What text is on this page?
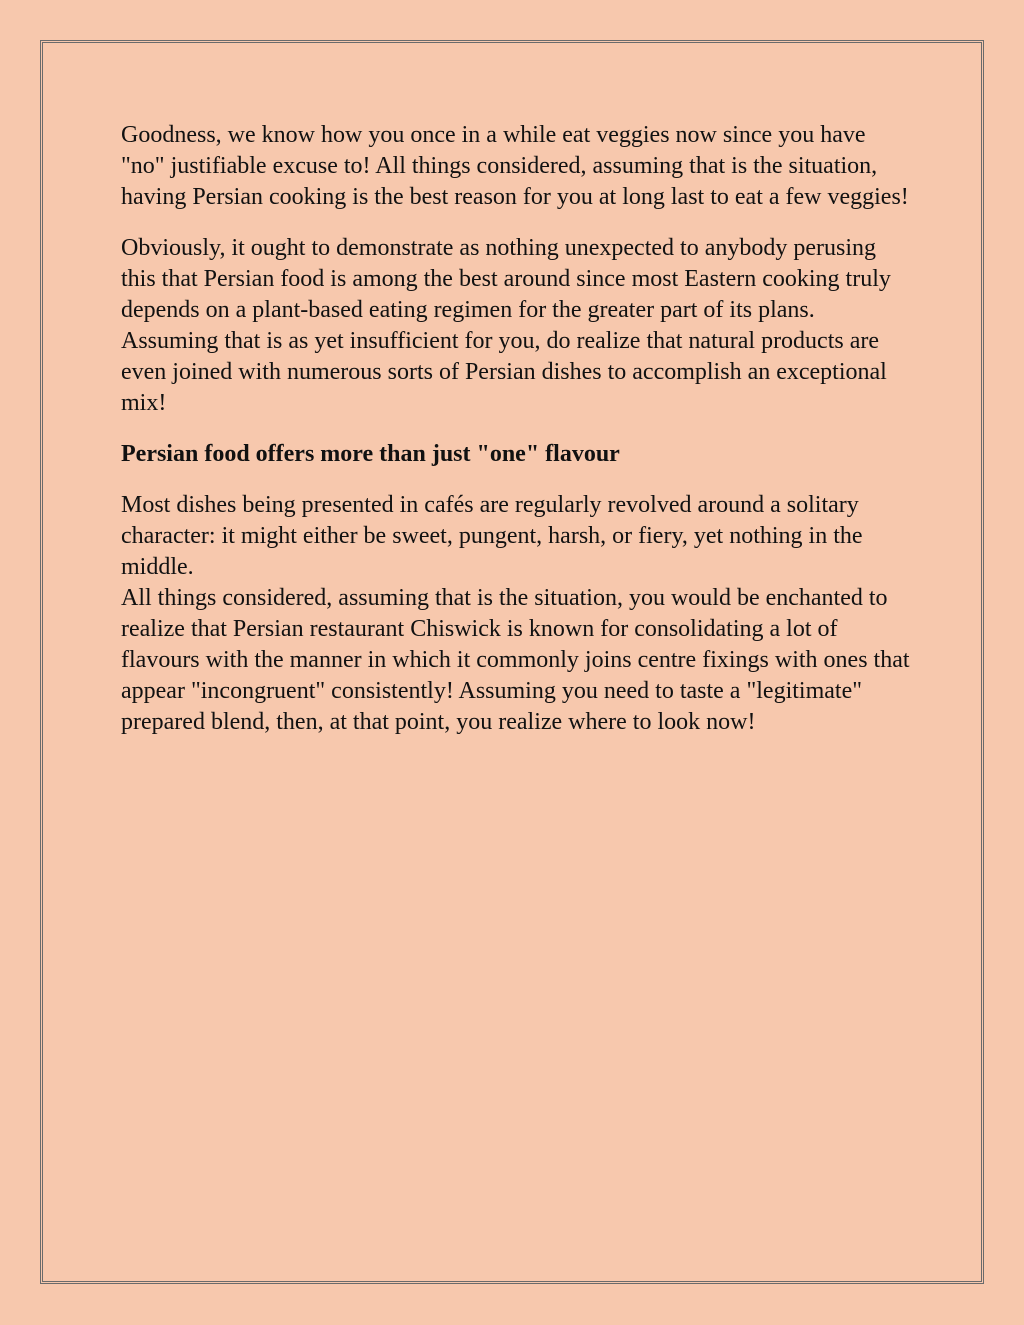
Goodness, we know how you once in a while eat veggies now since you have "no" justifiable excuse to! All things considered, assuming that is the situation, having Persian cooking is the best reason for you at long last to eat a few veggies!

Obviously, it ought to demonstrate as nothing unexpected to anybody perusing this that Persian food is among the best around since most Eastern cooking truly depends on a plant-based eating regimen for the greater part of its plans. Assuming that is as yet insufficient for you, do realize that natural products are even joined with numerous sorts of Persian dishes to accomplish an exceptional mix!

Persian food offers more than just "one" flavour

Most dishes being presented in cafés are regularly revolved around a solitary character: it might either be sweet, pungent, harsh, or fiery, yet nothing in the middle.

All things considered, assuming that is the situation, you would be enchanted to realize that Persian restaurant Chiswick is known for consolidating a lot of flavours with the manner in which it commonly joins centre fixings with ones that appear "incongruent" consistently! Assuming you need to taste a "legitimate" prepared blend, then, at that point, you realize where to look now!
